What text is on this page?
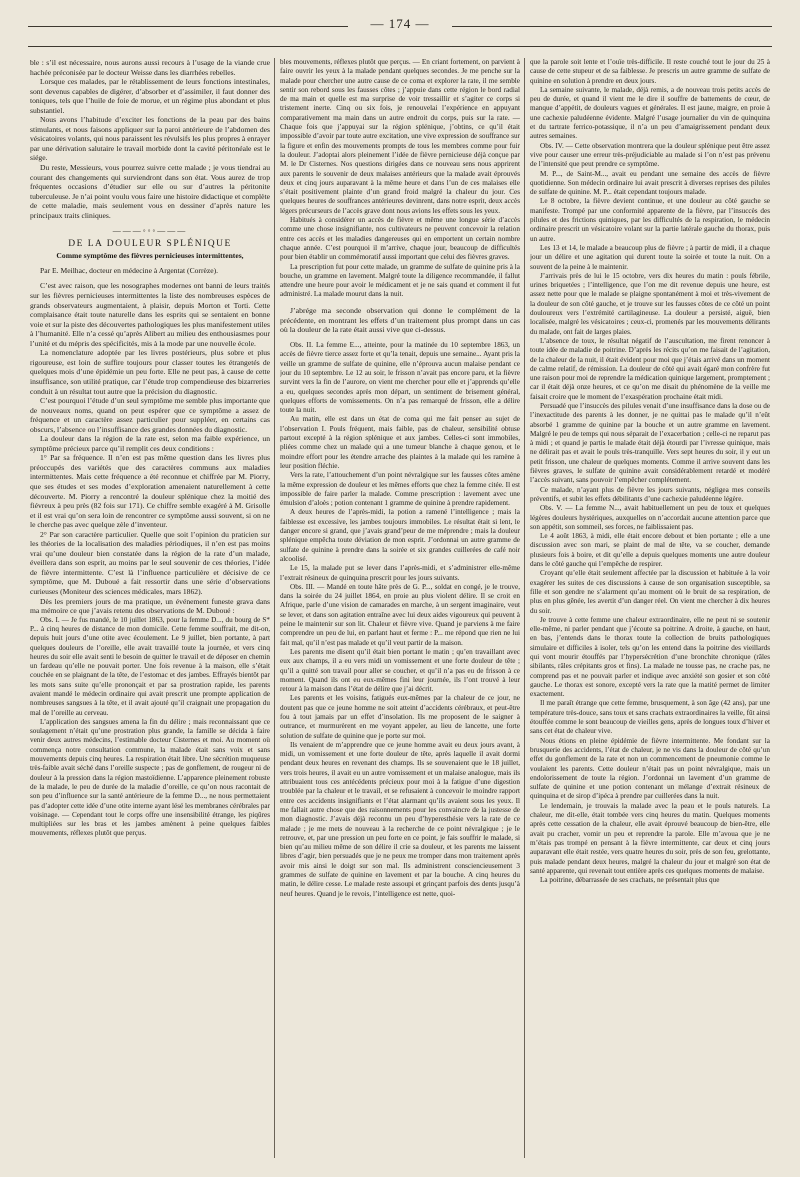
— 174 —

ble : s’il est nécessaire, nous aurons aussi recours à l’usage de la viande crue hachée préconisée par le docteur Weisse dans les diarrhées rebelles.

Lorsque ces malades, par le rétablissement de leurs fonctions intestinales, sont devenus capables de digérer, d’absorber et d’assimiler, il faut donner des toniques, tels que l’huile de foie de morue, et un régime plus abondant et plus substantiel.

Nous avons l’habitude d’exciter les fonctions de la peau par des bains stimulants, et nous faisons appliquer sur la paroi antérieure de l’abdomen des vésicatoires volants, qui nous paraissent les révulsifs les plus propres à enrayer par une dérivation salutaire le travail morbide dont la cavité péritonéale est le siége.

Du reste, Messieurs, vous pourrez suivre cette malade ; je vous tiendrai au courant des changements qui surviendront dans son état. Vous aurez de trop fréquentes occasions d’étudier sur elle ou sur d’autres la péritonite tuberculeuse. Je n’ai point voulu vous faire une histoire didactique et complète de cette maladie, mais seulement vous en dessiner d’après nature les principaux traits cliniques.

———◦◦◦———
DE LA DOULEUR SPLÉNIQUE
Comme symptôme des fièvres pernicieuses intermittentes,

Par E. Meilhac, docteur en médecine à Argentat (Corrèze).

C’est avec raison, que les nosographes modernes ont banni de leurs traités sur les fièvres pernicieuses intermittentes la liste des nombreuses espèces de grands observateurs augmentaient, à plaisir, depuis Morton et Torti. Cette complaisance était toute naturelle dans les esprits qui se sentaient en bonne voie et sur la piste des découvertes pathologiques les plus manifestement utiles à l’humanité. Elle n’a cessé qu’après Alibert au milieu des enthousiasmes pour l’unité et du mépris des spécificités, mis à la mode par une nouvelle école.

La nomenclature adoptée par les livres postérieurs, plus sobre et plus rigoureuse, est loin de suffire toujours pour classer toutes les étrangetés de quelques mois d’une épidémie un peu forte. Elle ne peut pas, à cause de cette insuffisance, son utilité pratique, car l’étude trop compendieuse des bizarreries conduit à un résultat tout autre que la précision du diagnostic.

C’est pourquoi l’étude d’un seul symptôme me semble plus importante que de nouveaux noms, quand on peut espérer que ce symptôme a assez de fréquence et un caractère assez particulier pour suppléer, en certains cas obscurs, l’absence ou l’insuffisance des grandes données du diagnostic.

La douleur dans la région de la rate est, selon ma faible expérience, un symptôme précieux parce qu’il remplit ces deux conditions :

1° Par sa fréquence. Il n’en est pas même question dans les livres plus préoccupés des variétés que des caractères communs aux maladies intermittentes. Mais cette fréquence a été reconnue et chiffrée par M. Piorry, que ses études et ses modes d’exploration amenaient naturellement à cette découverte. M. Piorry a rencontré la douleur splénique chez la moitié des fiévreux à peu près (82 fois sur 171). Ce chiffre semble exagéré à M. Grisolle et il est vrai qu’on sera loin de rencontrer ce symptôme aussi souvent, si on ne le cherche pas avec quelque zèle d’inventeur.

2° Par son caractère particulier. Quelle que soit l’opinion du praticien sur les théories de la localisation des maladies périodiques, il n’en est pas moins vrai qu’une douleur bien constatée dans la région de la rate d’un malade, éveillera dans son esprit, au moins par le seul souvenir de ces théories, l’idée de fièvre intermittente. C’est là l’influence particulière et décisive de ce symptôme, que M. Duboué a fait ressortir dans une série d’observations curieuses (Moniteur des sciences médicales, mars 1862).

Dès les premiers jours de ma pratique, un événement funeste grava dans ma mémoire ce que j’avais retenu des observations de M. Duboué :

Obs. I. — Je fus mandé, le 10 juillet 1863, pour la femme D..., du bourg de S* P... à cinq heures de distance de mon domicile. Cette femme souffrait, me dit-on, depuis huit jours d’une otite avec écoulement. Le 9 juillet, bien portante, à part quelques douleurs de l’oreille, elle avait travaillé toute la journée, et vers cinq heures du soir elle avait senti le besoin de quitter le travail et de déposer en chemin un fardeau qu’elle ne pouvait porter. Une fois revenue à la maison, elle s’était couchée en se plaignant de la tête, de l’estomac et des jambes. Effrayés bientôt par les mots sans suite qu’elle prononçait et par sa prostration rapide, les parents avaient mandé le médecin ordinaire qui avait prescrit une prompte application de nombreuses sangsues à la tête, et il avait ajouté qu’il craignait une propagation du mal de l’oreille au cerveau.

L’application des sangsues amena la fin du délire ; mais reconnaissant que ce soulagement n’était qu’une prostration plus grande, la famille se décida à faire venir deux autres médecins, l’estimable docteur Cisternes et moi. Au moment où commença notre consultation commune, la malade était sans voix et sans mouvements depuis cinq heures. La respiration était libre. Une sécrétion muqueuse très-faible avait séché dans l’oreille suspecte ; pas de gonflement, de rougeur ni de douleur à la pression dans la région mastoïdienne. L’apparence pleinement robuste de la malade, le peu de durée de la maladie d’oreille, ce qu’on nous racontait de son peu d’influence sur la santé antérieure de la femme D..., ne nous permettaient pas d’adopter cette idée d’une otite interne ayant lésé les membranes cérébrales par voisinage. — Cependant tout le corps offre une insensibilité étrange, les piqûres multipliées sur les bras et les jambes amènent à peine quelques faibles mouvements, réflexes plutôt que perçus.

bles mouvements, réflexes plutôt que perçus. — En criant fortement, on parvient à faire ouvrir les yeux à la malade pendant quelques secondes. Je me penche sur la malade pour chercher une autre cause de ce coma et explorer la rate, il me semble sentir son rebord sous les fausses côtes ; j’appuie dans cette région le bord radial de ma main et quelle est ma surprise de voir tressaillir et s’agiter ce corps si tristement inerte. Cinq ou six fois, je renouvelai l’expérience en appuyant comparativement ma main dans un autre endroit du corps, puis sur la rate. — Chaque fois que j’appuyai sur la région splénique, j’obtins, ce qu’il était impossible d’avoir par toute autre excitation, une vive expression de souffrance sur la figure et enfin des mouvements prompts de tous les membres comme pour fuir la douleur. J’adoptai alors pleinement l’idée de fièvre pernicieuse déjà conçue par M. le Dr Cisternes. Nos questions dirigées dans ce nouveau sens nous apprirent aux parents le souvenir de deux malaises antérieurs que la malade avait éprouvés deux et cinq jours auparavant à la même heure et dans l’un de ces malaises elle s’était positivement plainte d’un grand froid malgré la chaleur du jour. Ces quelques heures de souffrances antérieures devinrent, dans notre esprit, deux accès légers précurseurs de l’accès grave dont nous avions les effets sous les yeux.

Habitués à considérer un accès de fièvre et même une longue série d’accès comme une chose insignifiante, nos cultivateurs ne peuvent concevoir la relation entre ces accès et les maladies dangereuses qui en emportent un certain nombre chaque année. C’est pourquoi il m’arrive, chaque jour, beaucoup de difficultés pour bien établir un commémoratif aussi important que celui des fièvres graves.

La prescription fut pour cette malade, un gramme de sulfate de quinine pris à la bouche, un gramme en lavement. Malgré toute la diligence recommandée, il fallut attendre une heure pour avoir le médicament et je ne sais quand et comment il fut administré. La malade mourut dans la nuit.

J’abrége ma seconde observation qui donne le complément de la précédente, en montrant les effets d’un traitement plus prompt dans un cas où la douleur de la rate était aussi vive que ci-dessus.

Obs. II. La femme E..., atteinte, pour la matinée du 10 septembre 1863, un accès de fièvre tierce assez forte et qu’la tenait, depuis une semaine... Ayant pris la veille un gramme de sulfate de quinine, elle n’éprouva aucun malaise pendant ce jour du 10 septembre. Le 12 au soir, le frisson n’avait pas encore paru, et la fièvre survint vers la fin de l’aurore, on vient me chercher pour elle et j’apprends qu’elle a eu, quelques secondes après mon départ, un sentiment de brisement général, quelques efforts de vomissements. On n’a pas remarqué de frisson, elle a délire toute la nuit.

Au matin, elle est dans un état de coma qui me fait penser au sujet de l’observation I. Pouls fréquent, mais faible, pas de chaleur, sensibilité obtuse partout excepté à la région splénique et aux jambes. Celles-ci sont immobiles, pliées comme chez un malade qui a une tumeur blanche à chaque genou, et le moindre effort pour les étendre arrache des plaintes à la malade qui les ramène à leur position fléchie.

Vers la rate, l’attouchement d’un point névralgique sur les fausses côtes amène la même expression de douleur et les mêmes efforts que chez la femme citée. Il est impossible de faire parler la malade. Comme prescription : lavement avec une émulsion d’aloès ; potion contenant 1 gramme de quinine à prendre rapidement.

A deux heures de l’après-midi, la potion a ramené l’intelligence ; mais la faiblesse est excessive, les jambes toujours immobiles. Le résultat était si lent, le danger encore si grand, que j’avais grand’peur de me méprendre ; mais la douleur splénique empêcha toute déviation de mon esprit. J’ordonnai un autre gramme de sulfate de quinine à prendre dans la soirée et six grandes cuillerées de café noir alcoolisé.

Le 15, la malade put se lever dans l’après-midi, et s’administrer elle-même l’extrait résineux de quinquina prescrit pour les jours suivants.

Obs. III. — Mandé en toute hâte près de G. P..., soldat en congé, je le trouve, dans la soirée du 24 juillet 1864, en proie au plus violent délire. Il se croit en Afrique, parle d’une vision de camarades en marche, à un sergent imaginaire, veut se lever, et dans son agitation entraîne avec lui deux aides vigoureux qui peuvent à peine le maintenir sur son lit. Chaleur et fièvre vive. Quand je parviens à me faire comprendre un peu de lui, en parlant haut et ferme : P... me répond que rien ne lui fait mal, qu’il n’est pas malade et qu’il veut partir de la maison.

Les parents me disent qu’il était bien portant le matin ; qu’en travaillant avec eux aux champs, il a eu vers midi un vomissement et une forte douleur de tête ; qu’il a quitté son travail pour aller se coucher, et qu’il n’a pas eu de frisson à ce moment. Quand ils ont eu eux-mêmes fini leur journée, ils l’ont trouvé à leur retour à la maison dans l’état de délire que j’ai décrit.

Les parents et les voisins, fatigués eux-mêmes par la chaleur de ce jour, ne doutent pas que ce jeune homme ne soit atteint d’accidents cérébraux, et peut-être fou à tout jamais par un effet d’insolation. Ils me proposent de le saigner à outrance, et murmurèrent en me voyant appeler, au lieu de lancette, une forte solution de sulfate de quinine que je porte sur moi.

Ils venaient de m’apprendre que ce jeune homme avait eu deux jours avant, à midi, un vomissement et une forte douleur de tête, après laquelle il avait dormi pendant deux heures en revenant des champs. Ils se souvenaient que le 18 juillet, vers trois heures, il avait eu un autre vomissement et un malaise analogue, mais ils attribuaient tous ces antécédents précieux pour moi à la fatigue d’une digestion troublée par la chaleur et le travail, et se refusaient à concevoir le moindre rapport entre ces accidents insignifiants et l’état alarmant qu’ils avaient sous les yeux. Il me fallait autre chose que des raisonnements pour les convaincre de la justesse de mon diagnostic. J’avais déjà reconnu un peu d’hyperesthésie vers la rate de ce malade ; je me mets de nouveau à la recherche de ce point névralgique ; je le retrouve, et, par une pression un peu forte en ce point, je fais souffrir le malade, si bien qu’au milieu même de son délire il crie sa douleur, et les parents me laissent libres d’agir, bien persuadés que je ne peux me tromper dans mon traitement après avoir mis ainsi le doigt sur son mal. Ils administrent consciencieusement 3 grammes de sulfate de quinine en lavement et par la bouche. A cinq heures du matin, le délire cesse. Le malade reste assoupi et grinçant parfois des dents jusqu’à neuf heures. Quand je le revois, l’intelligence est nette, quoi-

que la parole soit lente et l’ouïe très-difficile. Il reste couché tout le jour du 25 à cause de cette stupeur et de sa faiblesse. Je prescris un autre gramme de sulfate de quinine en solution à prendre en deux jours.

La semaine suivante, le malade, déjà remis, a de nouveau trois petits accès de peu de durée, et quand il vient me le dire il souffre de battements de cœur, de manque d’appétit, de douleurs vagues et générales. Il est jaune, maigre, en proie à une cachexie paludéenne évidente. Malgré l’usage journalier du vin de quinquina et du tartrate ferrico-potassique, il n’a un peu d’amaigrissement pendant deux autres semaines.

Obs. IV. — Cette observation montrera que la douleur splénique peut être assez vive pour causer une erreur très-préjudiciable au malade si l’on n’est pas prévenu de l’intensité que peut prendre ce symptôme.

M. P..., de Saint-M..., avait eu pendant une semaine des accès de fièvre quotidienne. Son médecin ordinaire lui avait prescrit à diverses reprises des pilules de sulfate de quinine. M. P... était cependant toujours malade.

Le 8 octobre, la fièvre devient continue, et une douleur au côté gauche se manifeste. Trompé par une conformité apparente de la fièvre, par l’insuccès des pilules et des frictions quiniques, par les difficultés de la respiration, le médecin ordinaire prescrit un vésicatoire volant sur la partie latérale gauche du thorax, puis un autre.

Les 13 et 14, le malade a beaucoup plus de fièvre ; à partir de midi, il a chaque jour un délire et une agitation qui durent toute la soirée et toute la nuit. On a souvent de la peine à le maintenir.

J’arrivais près de lui le 15 octobre, vers dix heures du matin : pouls fébrile, urines briquetées ; l’intelligence, que l’on me dit revenue depuis une heure, est assez nette pour que le malade se plaigne spontanément à moi et très-vivement de la douleur de son côté gauche, et je trouve sur les fausses côtes de ce côté un point douloureux vers l’extrémité cartilagineuse. La douleur a persisté, aiguë, bien localisée, malgré les vésicatoires ; ceux-ci, promenés par les mouvements délirants du malade, ont fait de larges plaies.

L’absence de toux, le résultat négatif de l’auscultation, me firent renoncer à toute idée de maladie de poitrine. D’après les récits qu’on me faisait de l’agitation, de la chaleur de la nuit, il était évident pour moi que j’étais arrivé dans un moment de calme relatif, de rémission. La douleur de côté qui avait égaré mon confrère fut une raison pour moi de reprendre la médication quinique largement, promptement ; car il était déjà onze heures, et ce qu’on me disait du phénomène de la veille me faisait croire que le moment de l’exaspération prochaine était midi.

Persuadé que l’insuccès des pilules venait d’une insuffisance dans la dose ou de l’inexactitude des parents à les donner, je ne quittai pas le malade qu’il n’eût absorbé 1 gramme de quinine par la bouche et un autre gramme en lavement. Malgré le peu de temps qui nous séparait de l’exacerbation ; celle-ci ne reparut pas à midi ; et quand je partis le malade était déjà étourdi par l’ivresse quinique, mais ne délirait pas et avait le pouls très-tranquille. Vers sept heures du soir, il y eut un petit frisson, une chaleur de quelques moments. Comme il arrive souvent dans les fièvres graves, le sulfate de quinine avait considérablement retardé et modéré l’accès suivant, sans pouvoir l’empêcher complétement.

Ce malade, n’ayant plus de fièvre les jours suivants, négligea mes conseils préventifs, et subit les effets débilitants d’une cachexie paludéenne légère.

Obs. V. — La femme N..., avait habituellement un peu de toux et quelques légères douleurs hystériques, auxquelles on n’accordait aucune attention parce que son appétit, son sommeil, ses forces, ne faiblissaient pas.

Le 4 août 1863, à midi, elle était encore debout et bien portante ; elle a une discussion avec son mari, se plaint de mal de tête, va se coucher, demande plusieurs fois à boire, et dit qu’elle a depuis quelques moments une autre douleur dans le côté gauche qui l’empêche de respirer.

Croyant qu’elle était seulement affectée par la discussion et habituée à la voir exagérer les suites de ces discussions à cause de son organisation susceptible, sa fille et son gendre ne s’alarment qu’au moment où le bruit de sa respiration, de plus en plus gênée, les avertit d’un danger réel. On vient me chercher à dix heures du soir.

Je trouve à cette femme une chaleur extraordinaire, elle ne peut ni se soutenir elle-même, ni parler pendant que j’écoute sa poitrine. A droite, à gauche, en haut, en bas, j’entends dans le thorax toute la collection de bruits pathologiques simulaire et difficiles à isoler, tels qu’on les entend dans la poitrine des vieillards qui vont mourir étouffés par l’hypersécrétion d’une bronchite chronique (râles sibilants, râles crépitants gros et fins). La malade ne tousse pas, ne crache pas, ne comprend pas et ne pouvait parler et indique avec anxiété son gosier et son côté gauche. Le thorax est sonore, excepté vers la rate que la matité permet de limiter exactement.

Il me paraît étrange que cette femme, brusquement, à son âge (42 ans), par une température très-douce, sans toux et sans crachats extraordinaires la veille, fût ainsi étouffée comme le sont beaucoup de vieilles gens, après de longues toux d’hiver et sans cet état de chaleur vive.

Nous étions en pleine épidémie de fièvre intermittente. Me fondant sur la brusquerie des accidents, l’état de chaleur, je ne vis dans la douleur de côté qu’un effet du gonflement de la rate et non un commencement de pneumonie comme le voulaient les parents. Cette douleur n’était pas un point névralgique, mais un endolorissement de toute la région. J’ordonnai un lavement d’un gramme de sulfate de quinine et une potion contenant un mélange d’extrait résineux de quinquina et de sirop d’ipéca à prendre par cuillerées dans la nuit.

Le lendemain, je trouvais la malade avec la peau et le pouls naturels. La chaleur, me dit-elle, était tombée vers cinq heures du matin. Quelques moments après cette cessation de la chaleur, elle avait éprouvé beaucoup de bien-être, elle avait pu cracher, vomir un peu et reprendre la parole. Elle m’avoua que je ne m’étais pas trompé en pensant à la fièvre intermittente, car deux et cinq jours auparavant elle était restée, vers quatre heures du soir, près de son feu, grelottante, puis malade pendant deux heures, malgré la chaleur du jour et malgré son état de santé apparente, qui revenait tout entière après ces quelques moments de malaise.

La poitrine, débarrassée de ses crachats, ne présentait plus que
